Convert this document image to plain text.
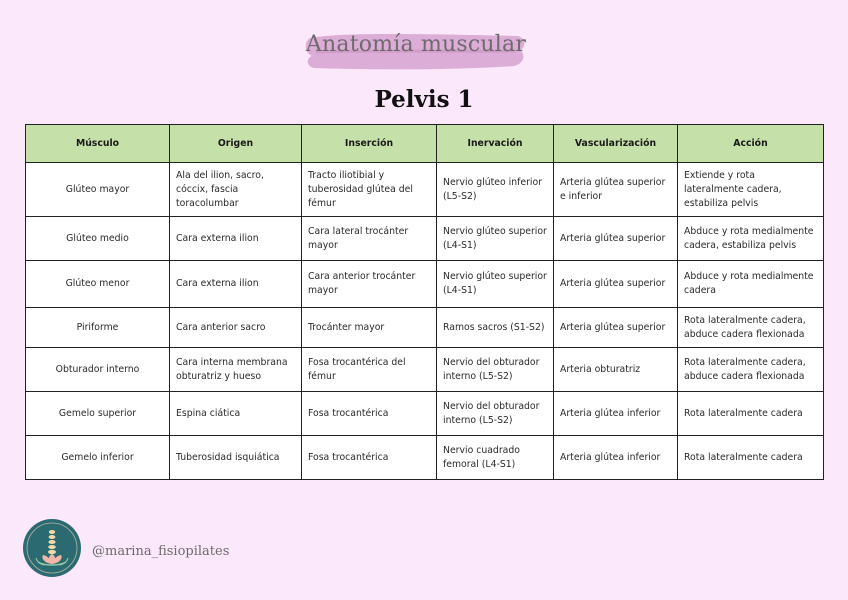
Anatomía muscular
Pelvis 1
Músculo	Origen	Inserción	Inervación	Vascularización	Acción
Glúteo mayor	Ala del ilion, sacro, cóccix, fascia toracolumbar	Tracto iliotibial y tuberosidad glútea del fémur	Nervio glúteo inferior (L5-S2)	Arteria glútea superior e inferior	Extiende y rota lateralmente cadera, estabiliza pelvis
Glúteo medio	Cara externa ilion	Cara lateral trocánter mayor	Nervio glúteo superior (L4-S1)	Arteria glútea superior	Abduce y rota medialmente cadera, estabiliza pelvis
Glúteo menor	Cara externa ilion	Cara anterior trocánter mayor	Nervio glúteo superior (L4-S1)	Arteria glútea superior	Abduce y rota medialmente cadera
Piriforme	Cara anterior sacro	Trocánter mayor	Ramos sacros (S1-S2)	Arteria glútea superior	Rota lateralmente cadera, abduce cadera flexionada
Obturador interno	Cara interna membrana obturatriz y hueso	Fosa trocantérica del fémur	Nervio del obturador interno (L5-S2)	Arteria obturatriz	Rota lateralmente cadera, abduce cadera flexionada
Gemelo superior	Espina ciática	Fosa trocantérica	Nervio del obturador interno (L5-S2)	Arteria glútea inferior	Rota lateralmente cadera
Gemelo inferior	Tuberosidad isquiática	Fosa trocantérica	Nervio cuadrado femoral (L4-S1)	Arteria glútea inferior	Rota lateralmente cadera
@marina_fisiopilates
